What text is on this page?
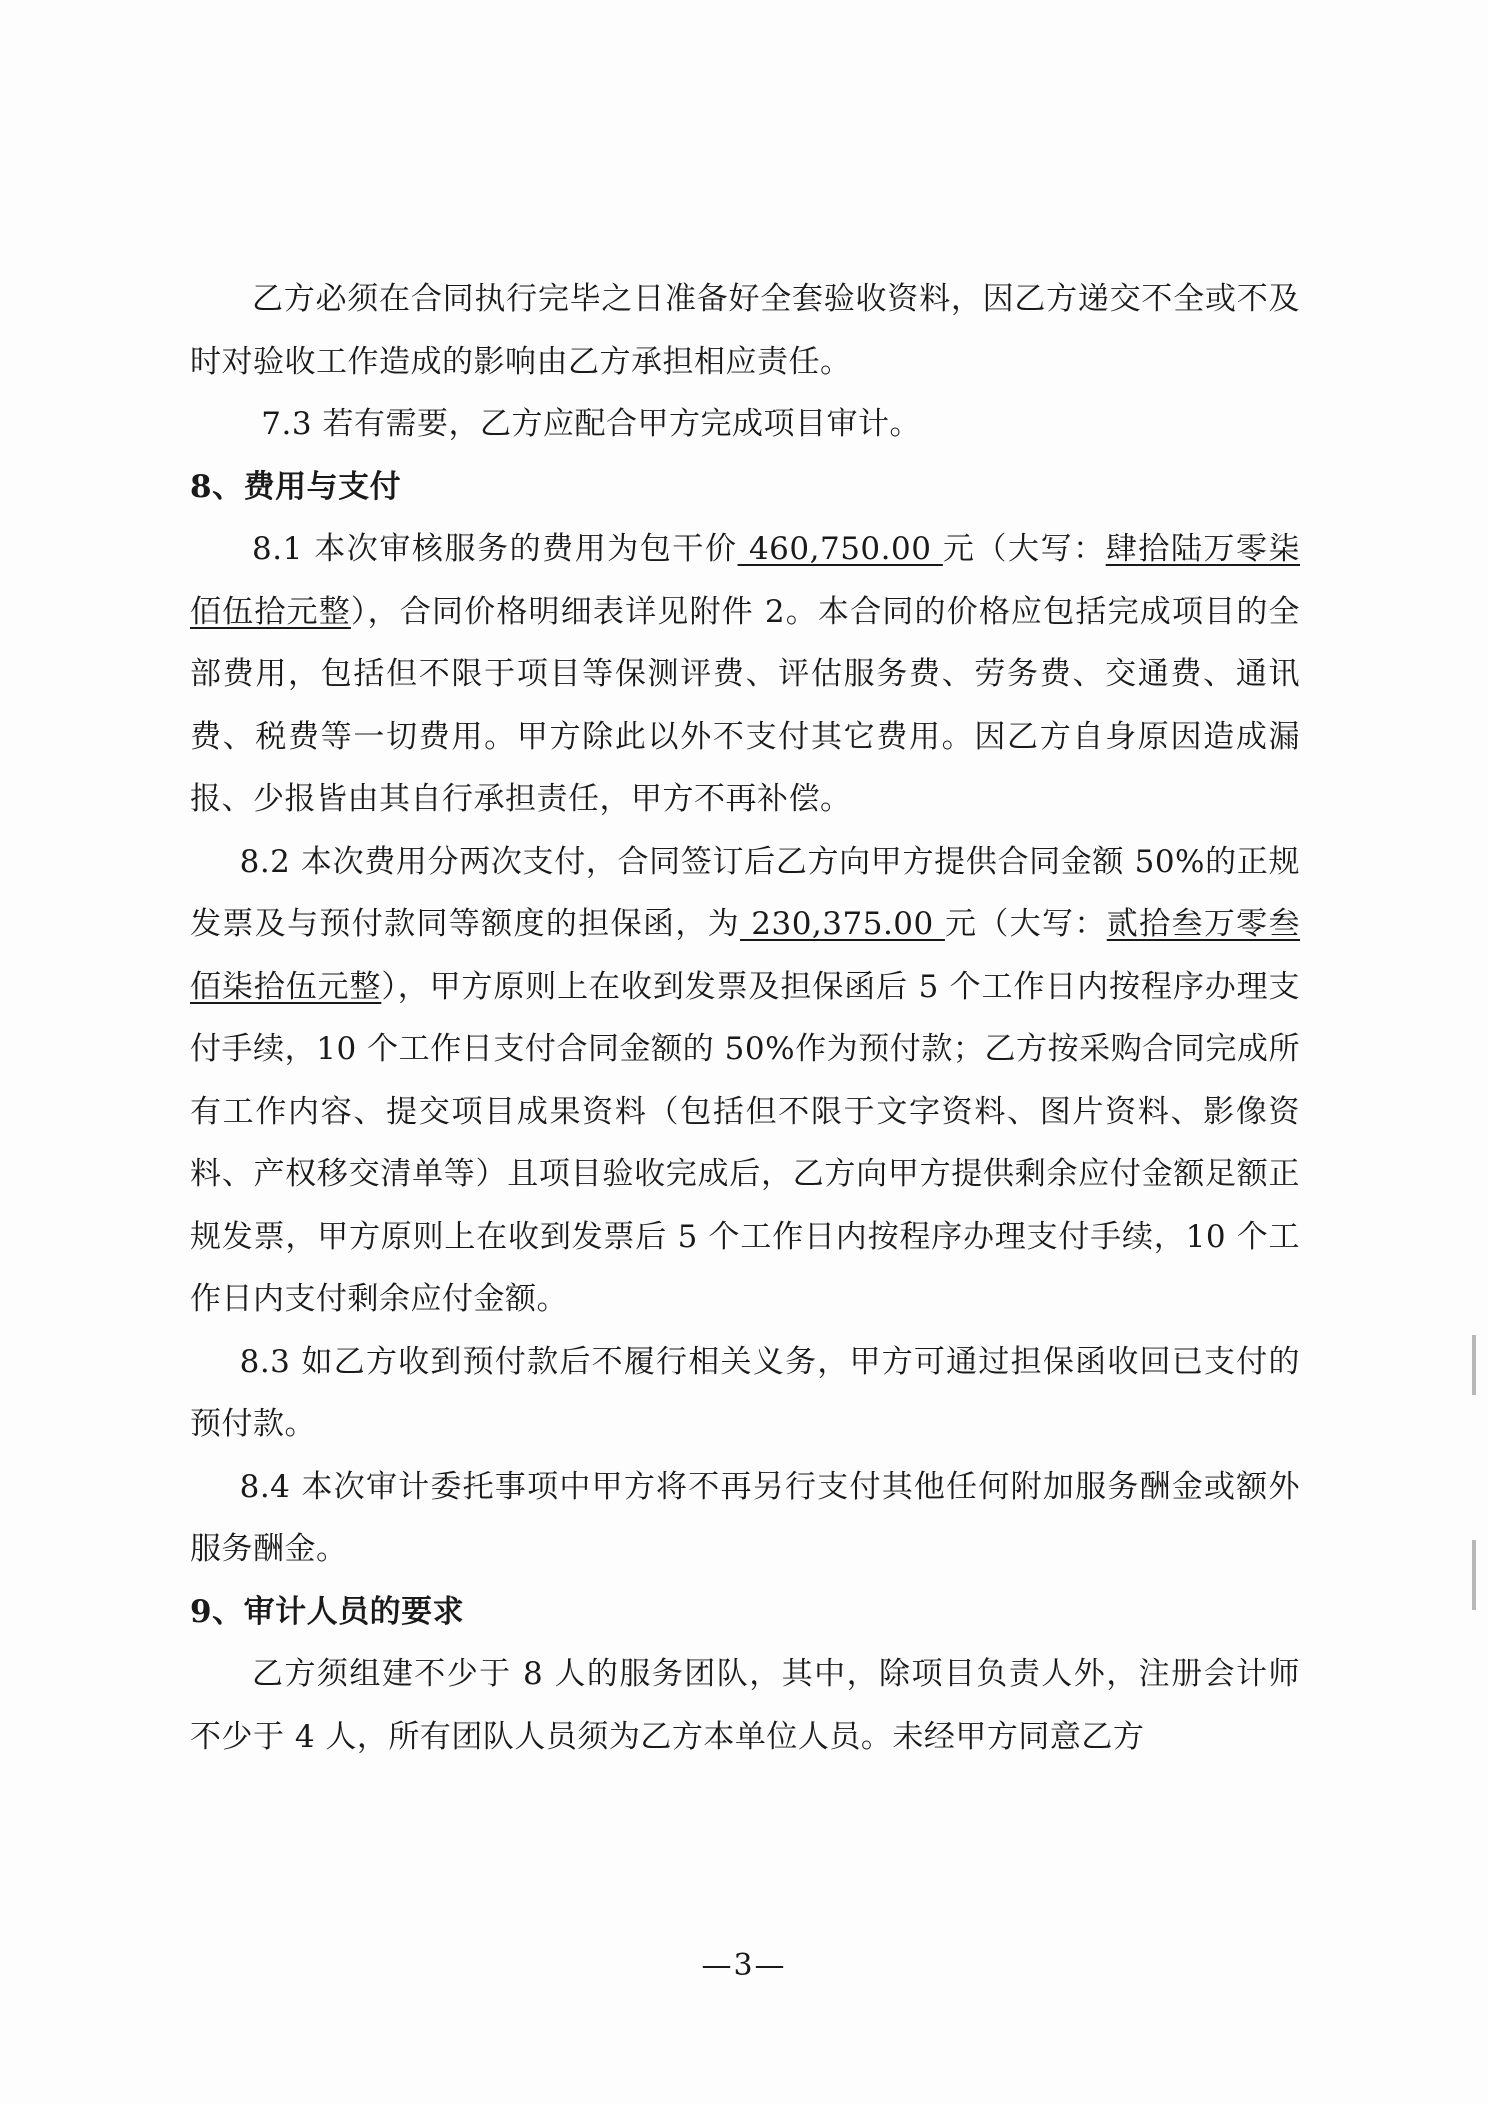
乙方必须在合同执行完毕之日准备好全套验收资料，因乙方递交不全或不及时对验收工作造成的影响由乙方承担相应责任。

7.3 若有需要，乙方应配合甲方完成项目审计。

8、费用与支付

8.1 本次审核服务的费用为包干价 460,750.00 元（大写：肆拾陆万零柒佰伍拾元整），合同价格明细表详见附件 2。本合同的价格应包括完成项目的全部费用，包括但不限于项目等保测评费、评估服务费、劳务费、交通费、通讯费、税费等一切费用。甲方除此以外不支付其它费用。因乙方自身原因造成漏报、少报皆由其自行承担责任，甲方不再补偿。

8.2 本次费用分两次支付，合同签订后乙方向甲方提供合同金额 50%的正规发票及与预付款同等额度的担保函，为 230,375.00 元（大写：贰拾叁万零叁佰柒拾伍元整），甲方原则上在收到发票及担保函后 5 个工作日内按程序办理支付手续，10 个工作日支付合同金额的 50%作为预付款；乙方按采购合同完成所有工作内容、提交项目成果资料（包括但不限于文字资料、图片资料、影像资料、产权移交清单等）且项目验收完成后，乙方向甲方提供剩余应付金额足额正规发票，甲方原则上在收到发票后 5 个工作日内按程序办理支付手续，10 个工作日内支付剩余应付金额。

8.3 如乙方收到预付款后不履行相关义务，甲方可通过担保函收回已支付的预付款。

8.4 本次审计委托事项中甲方将不再另行支付其他任何附加服务酬金或额外服务酬金。

9、审计人员的要求

乙方须组建不少于 8 人的服务团队，其中，除项目负责人外，注册会计师不少于 4 人，所有团队人员须为乙方本单位人员。未经甲方同意乙方

—3—
